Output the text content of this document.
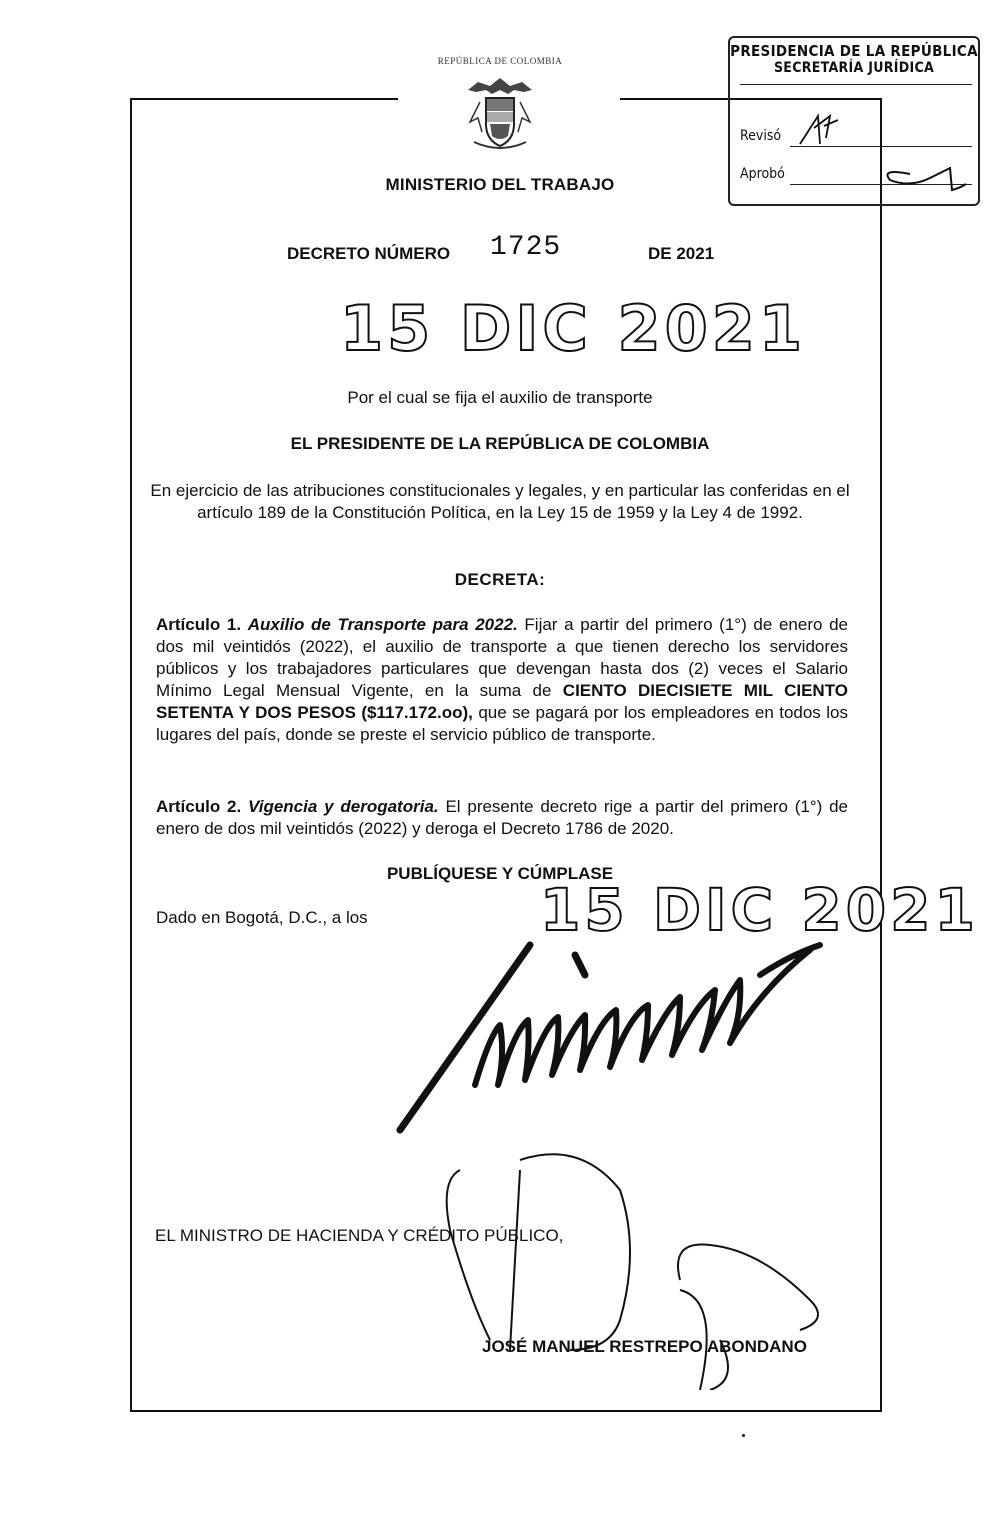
REPÚBLICA DE COLOMBIA
MINISTERIO DEL TRABAJO
DECRETO NÚMERO 1725	DE 2021
15 DIC 2021
Por el cual se fija el auxilio de transporte
EL PRESIDENTE DE LA REPÚBLICA DE COLOMBIA
En ejercicio de las atribuciones constitucionales y legales, y en particular las conferidas en el artículo 189 de la Constitución Política, en la Ley 15 de 1959 y la Ley 4 de 1992.
DECRETA:
Artículo 1. Auxilio de Transporte para 2022. Fijar a partir del primero (1°) de enero de dos mil veintidós (2022), el auxilio de transporte a que tienen derecho los servidores públicos y los trabajadores particulares que devengan hasta dos (2) veces el Salario Mínimo Legal Mensual Vigente, en la suma de CIENTO DIECISIETE MIL CIENTO SETENTA Y DOS PESOS ($117.172.oo), que se pagará por los empleadores en todos los lugares del país, donde se preste el servicio público de transporte.
Artículo 2. Vigencia y derogatoria. El presente decreto rige a partir del primero (1°) de enero de dos mil veintidós (2022) y deroga el Decreto 1786 de 2020.
PUBLÍQUESE Y CÚMPLASE
Dado en Bogotá, D.C., a los	15 DIC 2021
EL MINISTRO DE HACIENDA Y CRÉDITO PÚBLICO,
JOSÉ MANUEL RESTREPO ABONDANO
PRESIDENCIA DE LA REPÚBLICA
SECRETARÍA JURÍDICA
Revisó
Aprobó
